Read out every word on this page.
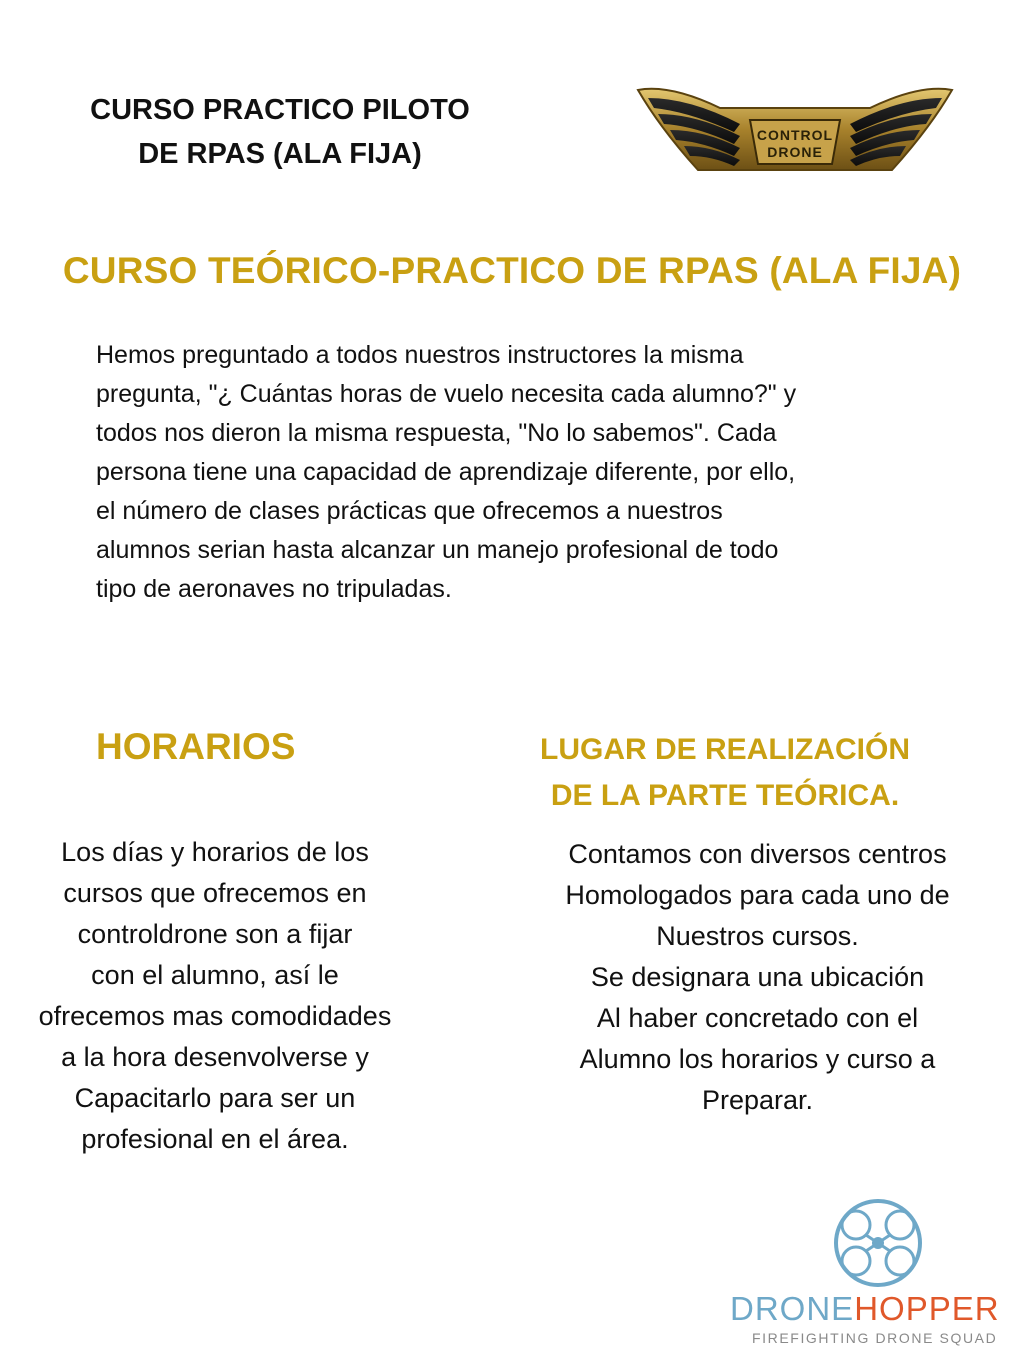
CURSO PRACTICO PILOTO
DE RPAS (ALA FIJA)
CONTROL
DRONE
CURSO TEÓRICO-PRACTICO DE RPAS (ALA FIJA)
Hemos preguntado a todos nuestros instructores la misma
pregunta, "¿ Cuántas horas de vuelo necesita cada alumno?" y
todos nos dieron la misma respuesta, "No lo sabemos". Cada
persona tiene una capacidad de aprendizaje diferente, por ello,
el número de clases prácticas que ofrecemos a nuestros
alumnos serian hasta alcanzar un manejo profesional de todo
tipo de aeronaves no tripuladas.
HORARIOS
Los días y horarios de los
cursos que ofrecemos en
controldrone son a fijar
con el alumno, así le
ofrecemos mas comodidades
a la hora desenvolverse y
Capacitarlo para ser un
profesional en el área.
LUGAR DE REALIZACIÓN
DE LA PARTE TEÓRICA.
Contamos con diversos centros
Homologados para cada uno de
Nuestros cursos.
Se designara una ubicación
Al haber concretado con el
Alumno los horarios y curso a
Preparar.
DRONEHOPPER
FIREFIGHTING DRONE SQUAD
